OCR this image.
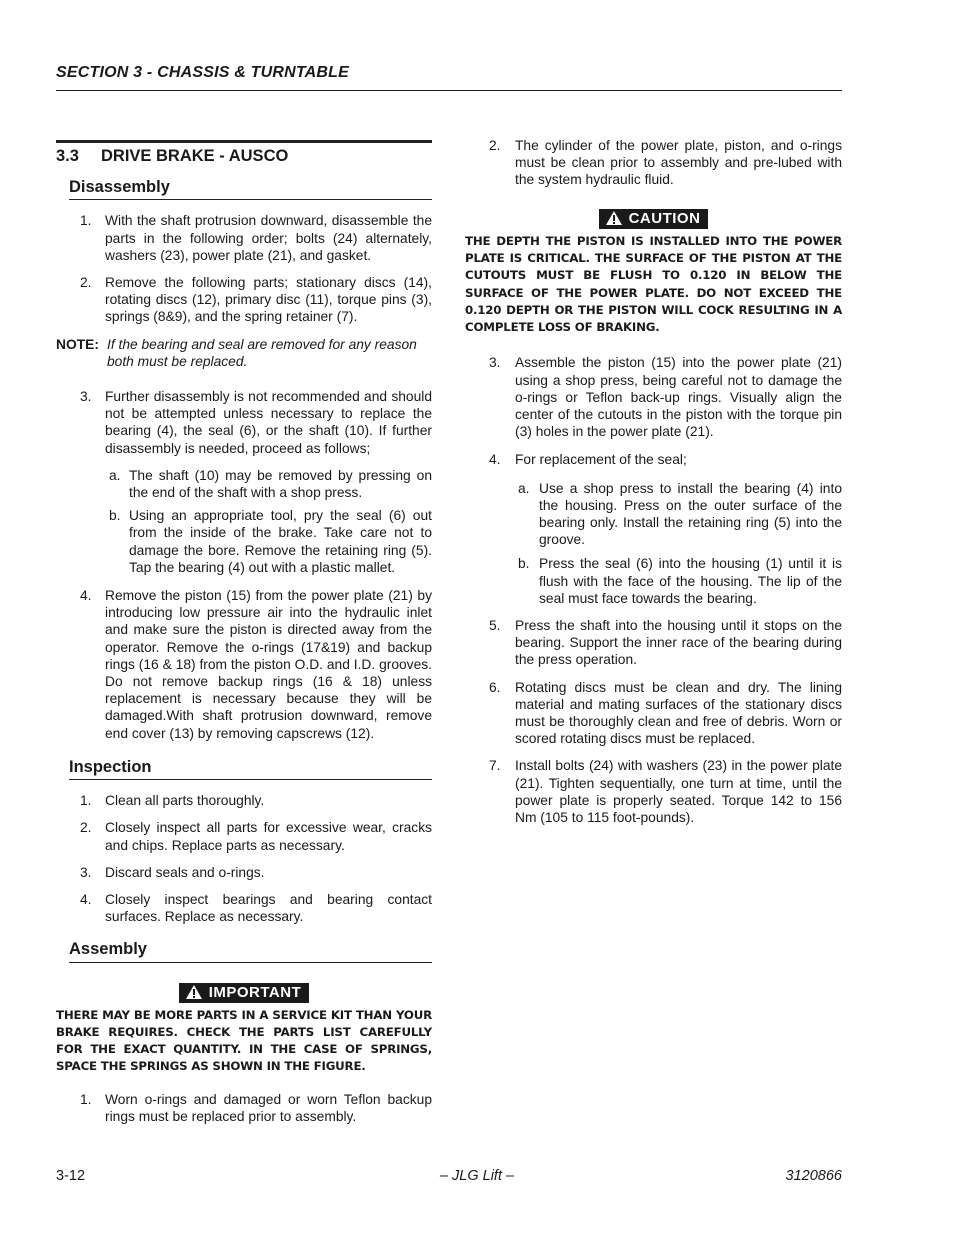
SECTION 3 - CHASSIS & TURNTABLE
3.3 DRIVE BRAKE - AUSCO
Disassembly
1. With the shaft protrusion downward, disassemble the parts in the following order; bolts (24) alternately, washers (23), power plate (21), and gasket.
2. Remove the following parts; stationary discs (14), rotating discs (12), primary disc (11), torque pins (3), springs (8&9), and the spring retainer (7).
NOTE: If the bearing and seal are removed for any reason both must be replaced.
3. Further disassembly is not recommended and should not be attempted unless necessary to replace the bearing (4), the seal (6), or the shaft (10). If further disassembly is needed, proceed as follows;
a. The shaft (10) may be removed by pressing on the end of the shaft with a shop press.
b. Using an appropriate tool, pry the seal (6) out from the inside of the brake. Take care not to damage the bore. Remove the retaining ring (5). Tap the bearing (4) out with a plastic mallet.
4. Remove the piston (15) from the power plate (21) by introducing low pressure air into the hydraulic inlet and make sure the piston is directed away from the operator. Remove the o-rings (17&19) and backup rings (16 & 18) from the piston O.D. and I.D. grooves. Do not remove backup rings (16 & 18) unless replacement is necessary because they will be damaged.With shaft protrusion downward, remove end cover (13) by removing capscrews (12).
Inspection
1. Clean all parts thoroughly.
2. Closely inspect all parts for excessive wear, cracks and chips. Replace parts as necessary.
3. Discard seals and o-rings.
4. Closely inspect bearings and bearing contact surfaces. Replace as necessary.
Assembly
IMPORTANT
THERE MAY BE MORE PARTS IN A SERVICE KIT THAN YOUR BRAKE REQUIRES. CHECK THE PARTS LIST CAREFULLY FOR THE EXACT QUANTITY. IN THE CASE OF SPRINGS, SPACE THE SPRINGS AS SHOWN IN THE FIGURE.
1. Worn o-rings and damaged or worn Teflon backup rings must be replaced prior to assembly.
2. The cylinder of the power plate, piston, and o-rings must be clean prior to assembly and pre-lubed with the system hydraulic fluid.
CAUTION
THE DEPTH THE PISTON IS INSTALLED INTO THE POWER PLATE IS CRITICAL. THE SURFACE OF THE PISTON AT THE CUTOUTS MUST BE FLUSH TO 0.120 IN BELOW THE SURFACE OF THE POWER PLATE. DO NOT EXCEED THE 0.120 DEPTH OR THE PISTON WILL COCK RESULTING IN A COMPLETE LOSS OF BRAKING.
3. Assemble the piston (15) into the power plate (21) using a shop press, being careful not to damage the o-rings or Teflon back-up rings. Visually align the center of the cutouts in the piston with the torque pin (3) holes in the power plate (21).
4. For replacement of the seal;
a. Use a shop press to install the bearing (4) into the housing. Press on the outer surface of the bearing only. Install the retaining ring (5) into the groove.
b. Press the seal (6) into the housing (1) until it is flush with the face of the housing. The lip of the seal must face towards the bearing.
5. Press the shaft into the housing until it stops on the bearing. Support the inner race of the bearing during the press operation.
6. Rotating discs must be clean and dry. The lining material and mating surfaces of the stationary discs must be thoroughly clean and free of debris. Worn or scored rotating discs must be replaced.
7. Install bolts (24) with washers (23) in the power plate (21). Tighten sequentially, one turn at time, until the power plate is properly seated. Torque 142 to 156 Nm (105 to 115 foot-pounds).
3-12	– JLG Lift –	3120866
